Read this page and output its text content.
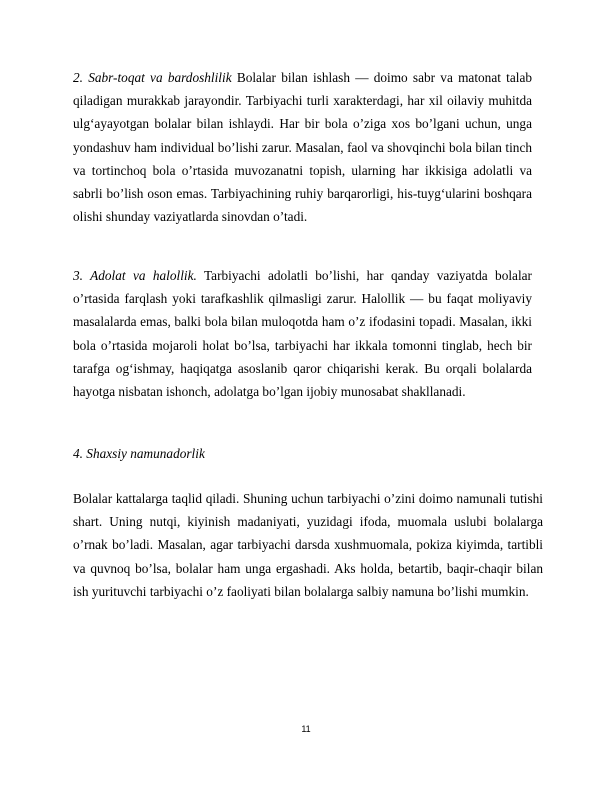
2. Sabr-toqat va bardoshlilik Bolalar bilan ishlash — doimo sabr va matonat talab qiladigan murakkab jarayondir. Tarbiyachi turli xarakterdagi, har xil oilaviy muhitda ulg‘ayayotgan bolalar bilan ishlaydi. Har bir bola o’ziga xos bo’lgani uchun, unga yondashuv ham individual bo’lishi zarur. Masalan, faol va shovqinchi bola bilan tinch va tortinchoq bola o’rtasida muvozanatni topish, ularning har ikkisiga adolatli va sabrli bo’lish oson emas. Tarbiyachining ruhiy barqarorligi, his-tuyg‘ularini boshqara olishi shunday vaziyatlarda sinovdan o’tadi.

3. Adolat va halollik. Tarbiyachi adolatli bo’lishi, har qanday vaziyatda bolalar o’rtasida farqlash yoki tarafkashlik qilmasligi zarur. Halollik — bu faqat moliyaviy masalalarda emas, balki bola bilan muloqotda ham o’z ifodasini topadi. Masalan, ikki bola o’rtasida mojaroli holat bo’lsa, tarbiyachi har ikkala tomonni tinglab, hech bir tarafga og‘ishmay, haqiqatga asoslanib qaror chiqarishi kerak. Bu orqali bolalarda hayotga nisbatan ishonch, adolatga bo’lgan ijobiy munosabat shakllanadi.

4. Shaxsiy namunadorlik

Bolalar kattalarga taqlid qiladi. Shuning uchun tarbiyachi o’zini doimo namunali tutishi shart. Uning nutqi, kiyinish madaniyati, yuzidagi ifoda, muomala uslubi bolalarga o’rnak bo’ladi. Masalan, agar tarbiyachi darsda xushmuomala, pokiza kiyimda, tartibli va quvnoq bo’lsa, bolalar ham unga ergashadi. Aks holda, betartib, baqir-chaqir bilan ish yurituvchi tarbiyachi o’z faoliyati bilan bolalarga salbiy namuna bo’lishi mumkin.

11
